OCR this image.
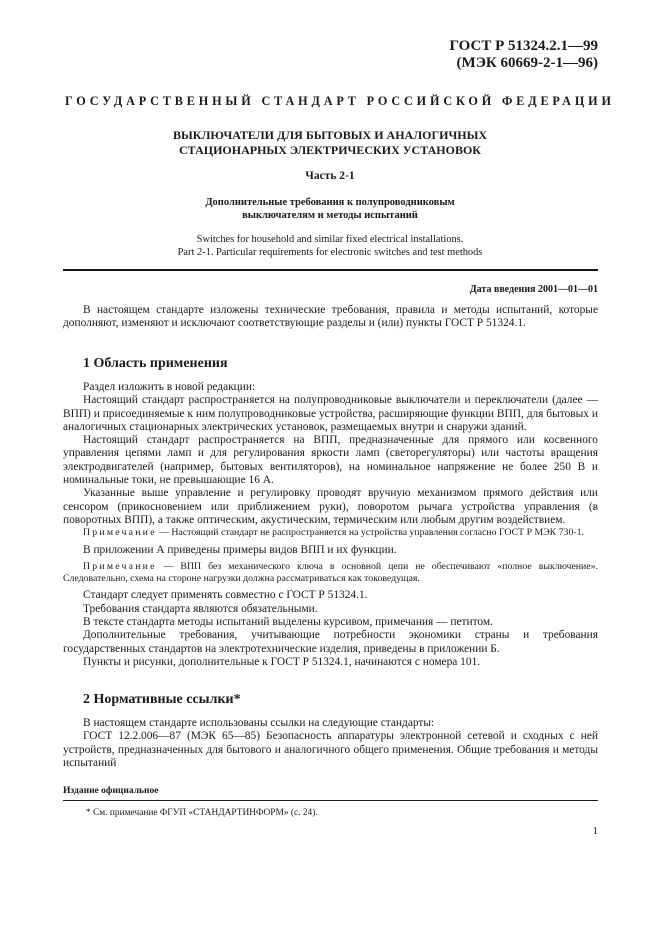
ГОСТ Р 51324.2.1—99
(МЭК 60669-2-1—96)
ГОСУДАРСТВЕННЫЙ СТАНДАРТ РОССИЙСКОЙ ФЕДЕРАЦИИ
ВЫКЛЮЧАТЕЛИ ДЛЯ БЫТОВЫХ И АНАЛОГИЧНЫХ
СТАЦИОНАРНЫХ ЭЛЕКТРИЧЕСКИХ УСТАНОВОК
Часть 2-1
Дополнительные требования к полупроводниковым
выключателям и методы испытаний
Switches for household and similar fixed electrical installations.
Part 2-1. Particular requirements for electronic switches and test methods
Дата введения 2001—01—01

В настоящем стандарте изложены технические требования, правила и методы испытаний, которые дополняют, изменяют и исключают соответствующие разделы и (или) пункты ГОСТ Р 51324.1.

1 Область применения

Раздел изложить в новой редакции:

Настоящий стандарт распространяется на полупроводниковые выключатели и переключатели (далее — ВПП) и присоединяемые к ним полупроводниковые устройства, расширяющие функции ВПП, для бытовых и аналогичных стационарных электрических установок, размещаемых внутри и снаружи зданий.

Настоящий стандарт распространяется на ВПП, предназначенные для прямого или косвенного управления цепями ламп и для регулирования яркости ламп (светорегуляторы) или частоты вращения электродвигателей (например, бытовых вентиляторов), на номинальное напряжение не более 250 В и номинальные токи, не превышающие 16 А.

Указанные выше управление и регулировку проводят вручную механизмом прямого действия или сенсором (прикосновением или приближением руки), поворотом рычага устройства управления (в поворотных ВПП), а также оптическим, акустическим, термическим или любым другим воздействием.

Примечание — Настоящий стандарт не распространяется на устройства управления согласно ГОСТ Р МЭК 730-1.

В приложении А приведены примеры видов ВПП и их функции.

Примечание — ВПП без механического ключа в основной цепи не обеспечивают «полное выключение». Следовательно, схема на стороне нагрузки должна рассматриваться как токоведущая.

Стандарт следует применять совместно с ГОСТ Р 51324.1.

Требования стандарта являются обязательными.

В тексте стандарта методы испытаний выделены курсивом, примечания — петитом.

Дополнительные требования, учитывающие потребности экономики страны и требования государственных стандартов на электротехнические изделия, приведены в приложении Б.

Пункты и рисунки, дополнительные к ГОСТ Р 51324.1, начинаются с номера 101.

2 Нормативные ссылки*

В настоящем стандарте использованы ссылки на следующие стандарты:

ГОСТ 12.2.006—87 (МЭК 65—85) Безопасность аппаратуры электронной сетевой и сходных с ней устройств, предназначенных для бытового и аналогичного общего применения. Общие требования и методы испытаний

Издание официальное
* См. примечание ФГУП «СТАНДАРТИНФОРМ» (с. 24).
1
